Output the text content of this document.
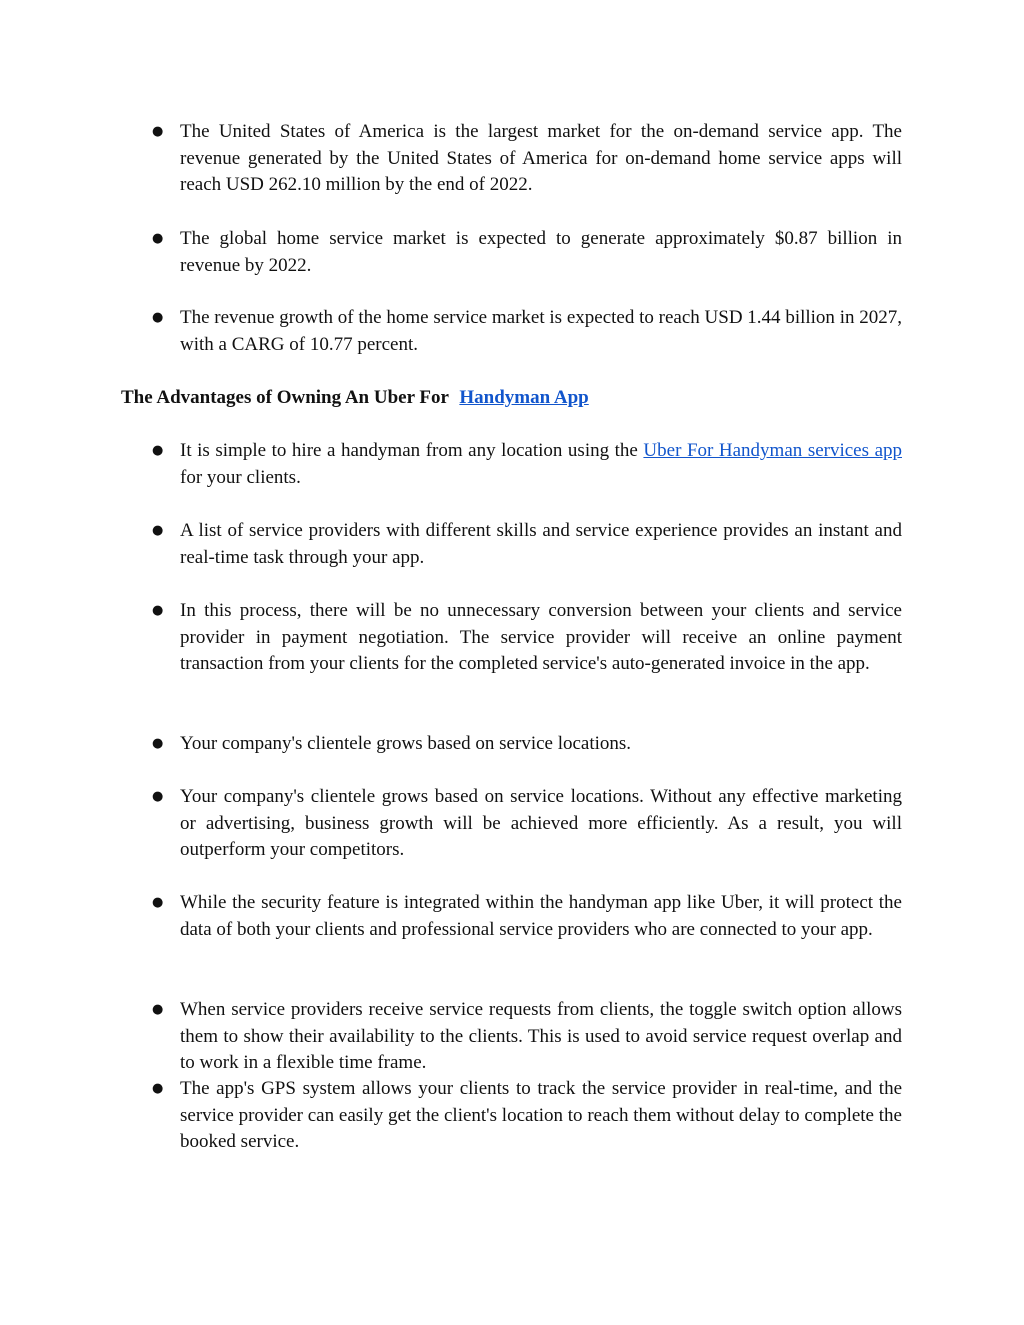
● The United States of America is the largest market for the on-demand service app. The revenue generated by the United States of America for on-demand home service apps will reach USD 262.10 million by the end of 2022.
● The global home service market is expected to generate approximately $0.87 billion in revenue by 2022.
● The revenue growth of the home service market is expected to reach USD 1.44 billion in 2027, with a CARG of 10.77 percent.
The Advantages of Owning An Uber For Handyman App
● It is simple to hire a handyman from any location using the Uber For Handyman services app for your clients.
● A list of service providers with different skills and service experience provides an instant and real-time task through your app.
● In this process, there will be no unnecessary conversion between your clients and service provider in payment negotiation. The service provider will receive an online payment transaction from your clients for the completed service's auto-generated invoice in the app.
● Your company's clientele grows based on service locations.
● Your company's clientele grows based on service locations. Without any effective marketing or advertising, business growth will be achieved more efficiently. As a result, you will outperform your competitors.
● While the security feature is integrated within the handyman app like Uber, it will protect the data of both your clients and professional service providers who are connected to your app.
● When service providers receive service requests from clients, the toggle switch option allows them to show their availability to the clients. This is used to avoid service request overlap and to work in a flexible time frame.
● The app's GPS system allows your clients to track the service provider in real-time, and the service provider can easily get the client's location to reach them without delay to complete the booked service.
